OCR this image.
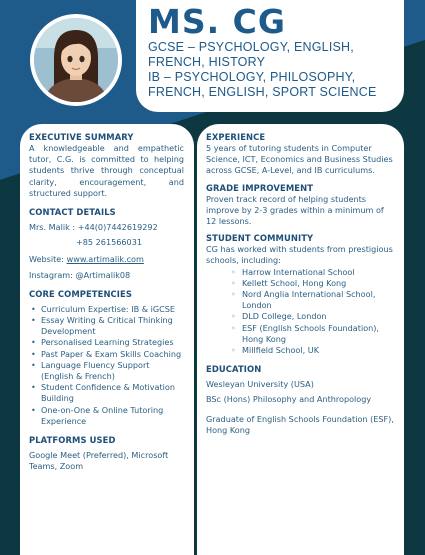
MS. CG
GCSE – PSYCHOLOGY, ENGLISH, FRENCH, HISTORY
IB – PSYCHOLOGY, PHILOSOPHY, FRENCH, ENGLISH, SPORT SCIENCE
EXECUTIVE SUMMARY
A knowledgeable and empathetic tutor, C.G. is committed to helping students thrive through conceptual clarity, encouragement, and structured support.
CONTACT DETAILS
Mrs. Malik : +44(0)7442619292
+85 261566031
Website: www.artimalik.com
Instagram: @Artimalik08
CORE COMPETENCIES
• Curriculum Expertise: IB & iGCSE
• Essay Writing & Critical Thinking Development
• Personalised Learning Strategies
• Past Paper & Exam Skills Coaching
• Language Fluency Support (English & French)
• Student Confidence & Motivation Building
• One-on-One & Online Tutoring Experience
PLATFORMS USED
Google Meet (Preferred), Microsoft Teams, Zoom
EXPERIENCE
5 years of tutoring students in Computer Science, ICT, Economics and Business Studies across GCSE, A-Level, and IB curriculums.
GRADE IMPROVEMENT
Proven track record of helping students improve by 2-3 grades within a minimum of 12 lessons.
STUDENT COMMUNITY
CG has worked with students from prestigious schools, including:
◦ Harrow International School
◦ Kellett School, Hong Kong
◦ Nord Anglia International School, London
◦ DLD College, London
◦ ESF (English Schools Foundation), Hong Kong
◦ Millfield School, UK
EDUCATION
Wesleyan University (USA)
BSc (Hons) Philosophy and Anthropology
Graduate of English Schools Foundation (ESF), Hong Kong
